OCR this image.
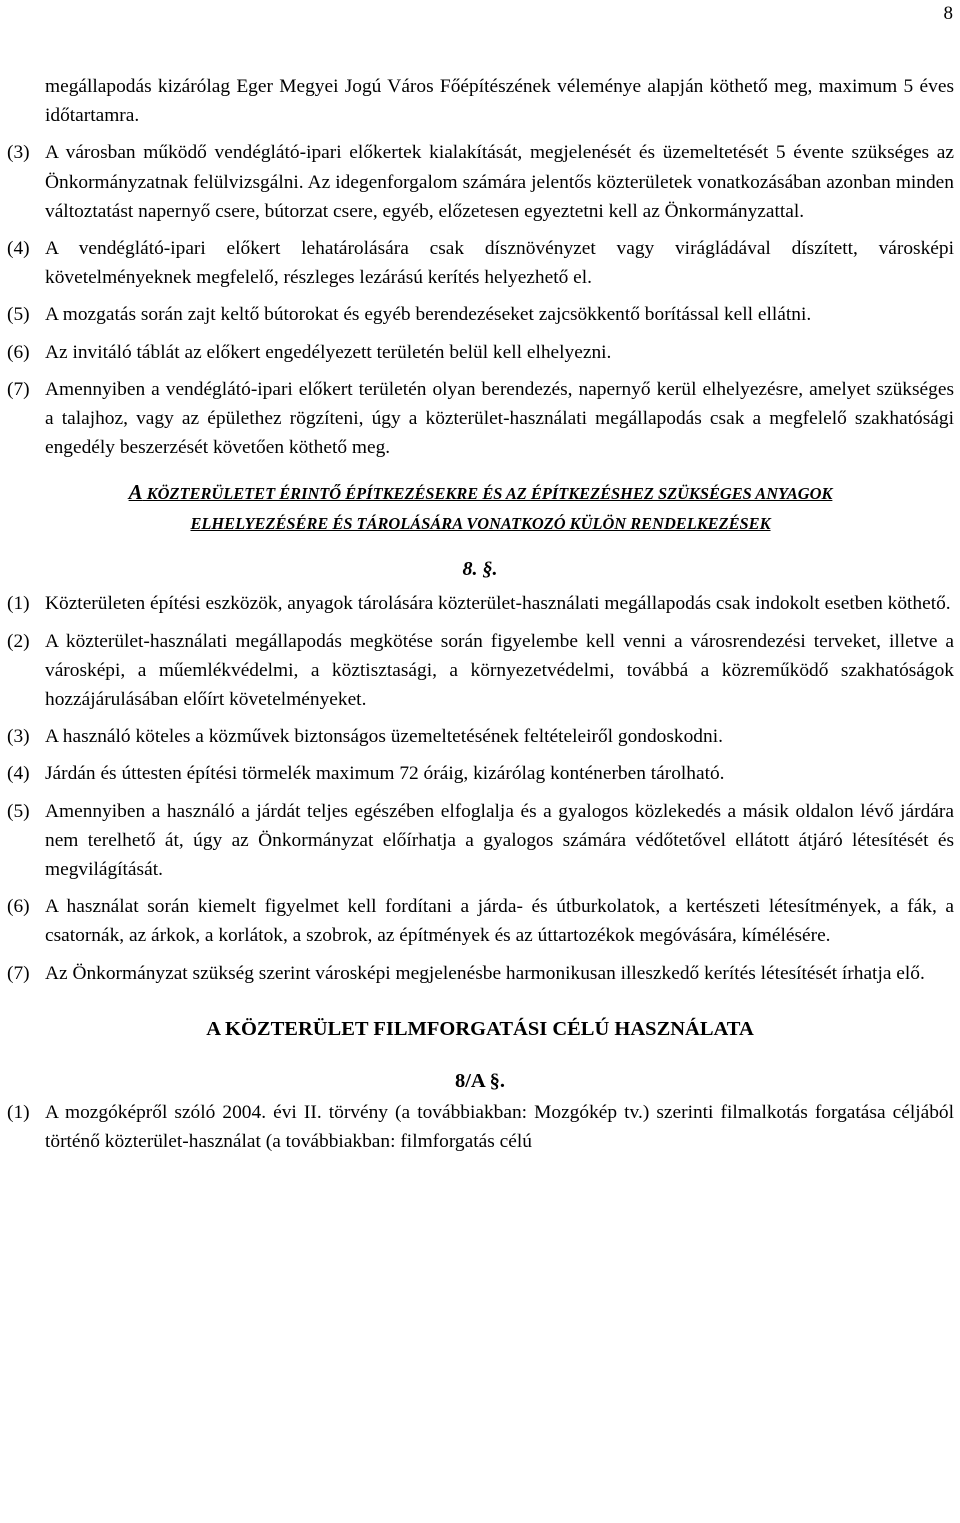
8

megállapodás kizárólag Eger Megyei Jogú Város Főépítészének véleménye alapján köthető meg, maximum 5 éves időtartamra.

(3) A városban működő vendéglátó-ipari előkertek kialakítását, megjelenését és üzemeltetését 5 évente szükséges az Önkormányzatnak felülvizsgálni. Az idegenforgalom számára jelentős közterületek vonatkozásában azonban minden változtatást napernyő csere, bútorzat csere, egyéb, előzetesen egyeztetni kell az Önkormányzattal.
(4) A vendéglátó-ipari előkert lehatárolására csak dísznövényzet vagy virágládával díszített, városképi követelményeknek megfelelő, részleges lezárású kerítés helyezhető el.
(5) A mozgatás során zajt keltő bútorokat és egyéb berendezéseket zajcsökkentő borítással kell ellátni.
(6) Az invitáló táblát az előkert engedélyezett területén belül kell elhelyezni.
(7) Amennyiben a vendéglátó-ipari előkert területén olyan berendezés, napernyő kerül elhelyezésre, amelyet szükséges a talajhoz, vagy az épülethez rögzíteni, úgy a közterület-használati megállapodás csak a megfelelő szakhatósági engedély beszerzését követően köthető meg.

A KÖZTERÜLETET ÉRINTŐ ÉPÍTKEZÉSEKRE ÉS AZ ÉPÍTKEZÉSHEZ SZÜKSÉGES ANYAGOK
ELHELYEZÉSÉRE ÉS TÁROLÁSÁRA VONATKOZÓ KÜLÖN RENDELKEZÉSEK

8. §.

(1) Közterületen építési eszközök, anyagok tárolására közterület-használati megállapodás csak indokolt esetben köthető.
(2) A közterület-használati megállapodás megkötése során figyelembe kell venni a városrendezési terveket, illetve a városképi, a műemlékvédelmi, a köztisztasági, a környezetvédelmi, továbbá a közreműködő szakhatóságok hozzájárulásában előírt követelményeket.
(3) A használó köteles a közművek biztonságos üzemeltetésének feltételeiről gondoskodni.
(4) Járdán és úttesten építési törmelék maximum 72 óráig, kizárólag konténerben tárolható.
(5) Amennyiben a használó a járdát teljes egészében elfoglalja és a gyalogos közlekedés a másik oldalon lévő járdára nem terelhető át, úgy az Önkormányzat előírhatja a gyalogos számára védőtetővel ellátott átjáró létesítését és megvilágítását.
(6) A használat során kiemelt figyelmet kell fordítani a járda- és útburkolatok, a kertészeti létesítmények, a fák, a csatornák, az árkok, a korlátok, a szobrok, az építmények és az úttartozékok megóvására, kímélésére.
(7) Az Önkormányzat szükség szerint városképi megjelenésbe harmonikusan illeszkedő kerítés létesítését írhatja elő.

A KÖZTERÜLET FILMFORGATÁSI CÉLÚ HASZNÁLATA

8/A §.

(1) A mozgóképről szóló 2004. évi II. törvény (a továbbiakban: Mozgókép tv.) szerinti filmalkotás forgatása céljából történő közterület-használat (a továbbiakban: filmforgatás célú
